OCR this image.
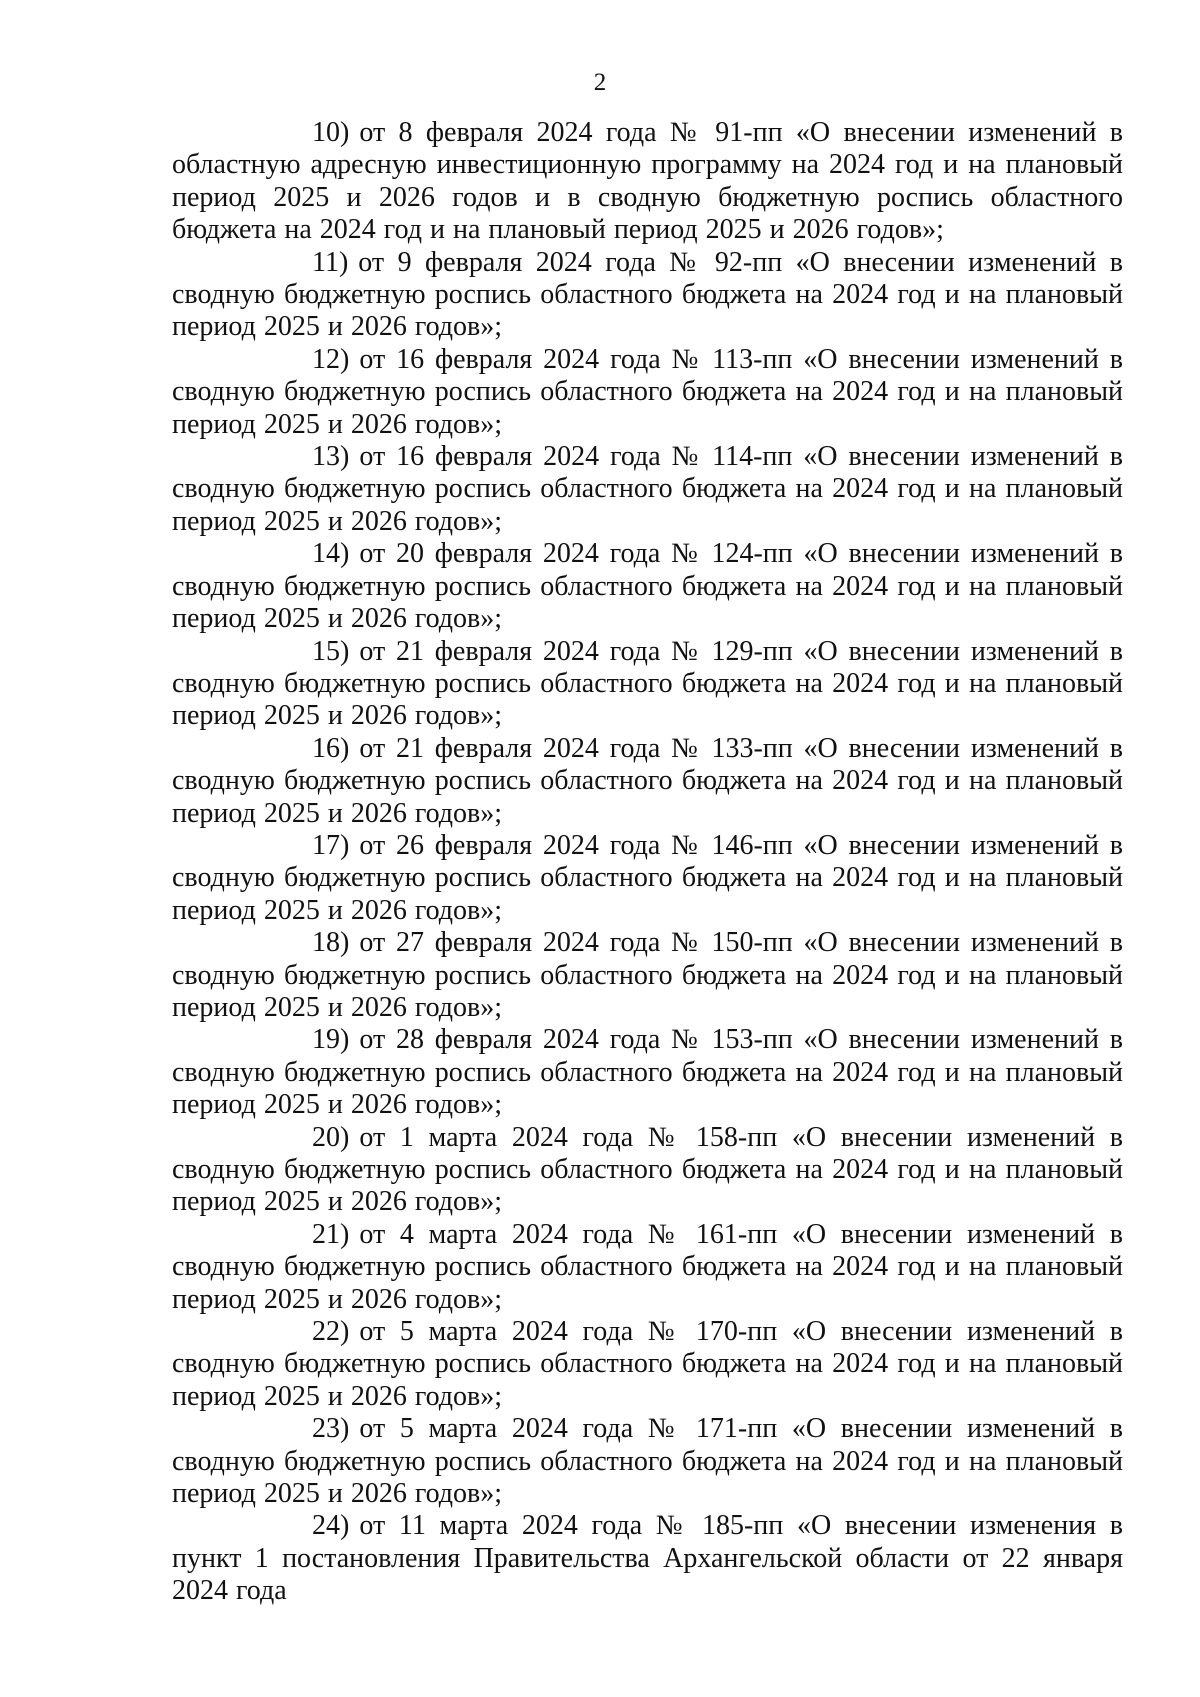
2

10) от 8 февраля 2024 года № 91-пп «О внесении изменений в областную адресную инвестиционную программу на 2024 год и на плановый период 2025 и 2026 годов и в сводную бюджетную роспись областного бюджета на 2024 год и на плановый период 2025 и 2026 годов»;

11) от 9 февраля 2024 года № 92-пп «О внесении изменений в сводную бюджетную роспись областного бюджета на 2024 год и на плановый период 2025 и 2026 годов»;

12) от 16 февраля 2024 года № 113-пп «О внесении изменений в сводную бюджетную роспись областного бюджета на 2024 год и на плановый период 2025 и 2026 годов»;

13) от 16 февраля 2024 года № 114-пп «О внесении изменений в сводную бюджетную роспись областного бюджета на 2024 год и на плановый период 2025 и 2026 годов»;

14) от 20 февраля 2024 года № 124-пп «О внесении изменений в сводную бюджетную роспись областного бюджета на 2024 год и на плановый период 2025 и 2026 годов»;

15) от 21 февраля 2024 года № 129-пп «О внесении изменений в сводную бюджетную роспись областного бюджета на 2024 год и на плановый период 2025 и 2026 годов»;

16) от 21 февраля 2024 года № 133-пп «О внесении изменений в сводную бюджетную роспись областного бюджета на 2024 год и на плановый период 2025 и 2026 годов»;

17) от 26 февраля 2024 года № 146-пп «О внесении изменений в сводную бюджетную роспись областного бюджета на 2024 год и на плановый период 2025 и 2026 годов»;

18) от 27 февраля 2024 года № 150-пп «О внесении изменений в сводную бюджетную роспись областного бюджета на 2024 год и на плановый период 2025 и 2026 годов»;

19) от 28 февраля 2024 года № 153-пп «О внесении изменений в сводную бюджетную роспись областного бюджета на 2024 год и на плановый период 2025 и 2026 годов»;

20) от 1 марта 2024 года № 158-пп «О внесении изменений в сводную бюджетную роспись областного бюджета на 2024 год и на плановый период 2025 и 2026 годов»;

21) от 4 марта 2024 года № 161-пп «О внесении изменений в сводную бюджетную роспись областного бюджета на 2024 год и на плановый период 2025 и 2026 годов»;

22) от 5 марта 2024 года № 170-пп «О внесении изменений в сводную бюджетную роспись областного бюджета на 2024 год и на плановый период 2025 и 2026 годов»;

23) от 5 марта 2024 года № 171-пп «О внесении изменений в сводную бюджетную роспись областного бюджета на 2024 год и на плановый период 2025 и 2026 годов»;

24) от 11 марта 2024 года № 185-пп «О внесении изменения в пункт 1 постановления Правительства Архангельской области от 22 января 2024 года
